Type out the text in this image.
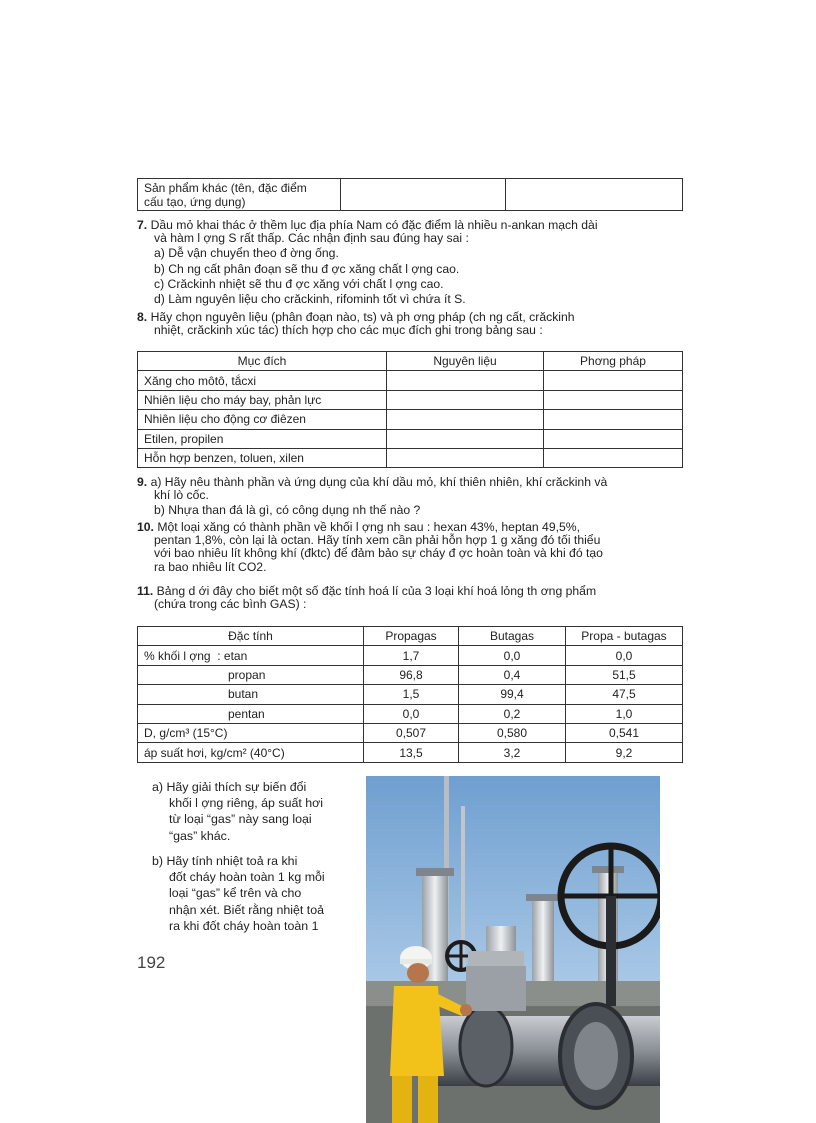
Sản phẩm khác (tên, đặc điểm
cấu tạo, ứng dụng)

7. Dầu mỏ khai thác ở thềm lục địa phía Nam có đặc điểm là nhiều n-ankan mạch dài
và hàm l ợng S rất thấp. Các nhận định sau đúng hay sai :
a) Dễ vận chuyển theo đ ờng ống.
b) Ch ng cất phân đoạn sẽ thu đ ợc xăng chất l ợng cao.
c) Crăckinh nhiệt sẽ thu đ ợc xăng với chất l ợng cao.
d) Làm nguyên liệu cho crăckinh, rifominh tốt vì chứa ít S.
8. Hãy chọn nguyên liệu (phân đoạn nào, ts) và ph ơng pháp (ch ng cất, crăckinh
nhiệt, crăckinh xúc tác) thích hợp cho các mục đích ghi trong bảng sau :
Mục đích	Nguyên liệu	Phơng pháp
Xăng cho môtô, tắcxi		
Nhiên liệu cho máy bay, phản lực		
Nhiên liệu cho động cơ điêzen		
Etilen, propilen		
Hỗn hợp benzen, toluen, xilen		
9. a) Hãy nêu thành phần và ứng dụng của khí dầu mỏ, khí thiên nhiên, khí crăckinh và
khí lò cốc.
b) Nhựa than đá là gì, có công dụng nh thế nào ?
10. Một loại xăng có thành phần về khối l ợng nh sau : hexan 43%, heptan 49,5%,
pentan 1,8%, còn lại là octan. Hãy tính xem cần phải hỗn hợp 1 g xăng đó tối thiểu
với bao nhiêu lít không khí (đktc) để đảm bảo sự cháy đ ợc hoàn toàn và khi đó tạo
ra bao nhiêu lít CO2.
11. Bảng d ới đây cho biết một số đặc tính hoá lí của 3 loại khí hoá lỏng th ơng phẩm
(chứa trong các bình GAS) :
Đặc tính	Propagas	Butagas	Propa - butagas
% khối l ợng : etan	1,7	0,0	0,0
propan	96,8	0,4	51,5
butan	1,5	99,4	47,5
pentan	0,0	0,2	1,0
D, g/cm³ (15°C)	0,507	0,580	0,541
áp suất hơi, kg/cm² (40°C)	13,5	3,2	9,2
a) Hãy giải thích sự biến đổi
khối l ợng riêng, áp suất hơi
từ loại “gas” này sang loại
“gas” khác.
b) Hãy tính nhiệt toả ra khi
đốt cháy hoàn toàn 1 kg mỗi
loại “gas” kể trên và cho
nhận xét. Biết rằng nhiệt toả
ra khi đốt cháy hoàn toàn 1
192
